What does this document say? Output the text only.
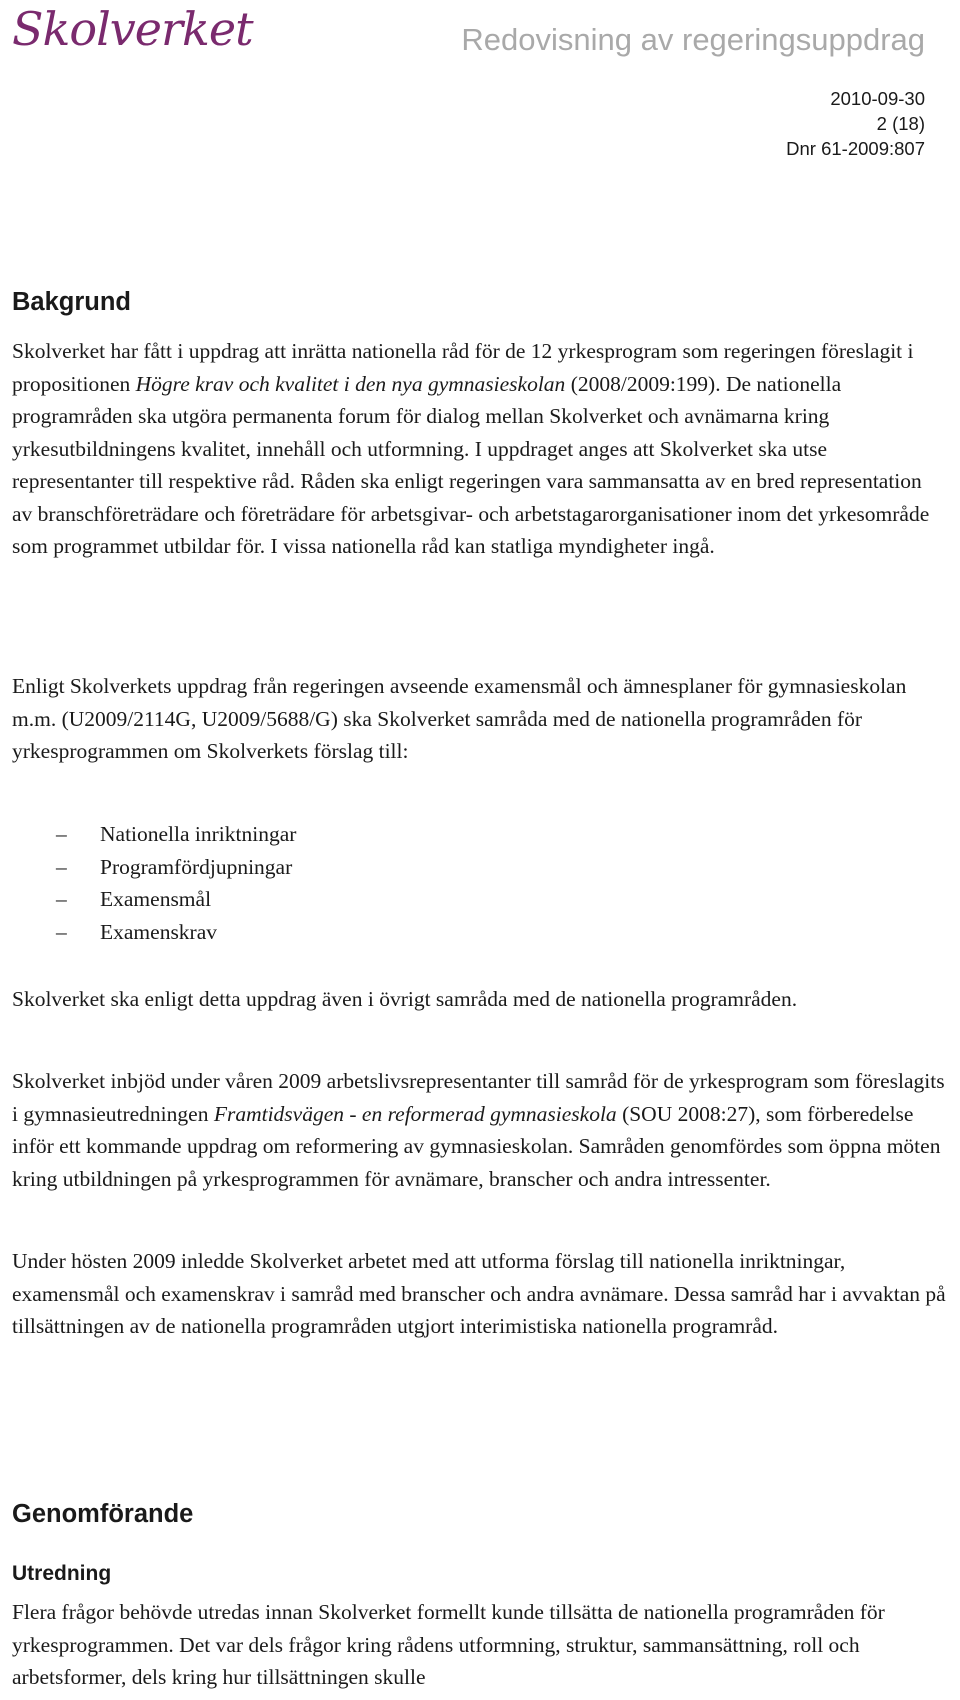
Skolverket	Redovisning av regeringsuppdrag
2010-09-30
2 (18)
Dnr 61-2009:807
Bakgrund

Skolverket har fått i uppdrag att inrätta nationella råd för de 12 yrkesprogram som regeringen föreslagit i propositionen Högre krav och kvalitet i den nya gymnasieskolan (2008/2009:199). De nationella programråden ska utgöra permanenta forum för dialog mellan Skolverket och avnämarna kring yrkesutbildningens kvalitet, innehåll och utformning. I uppdraget anges att Skolverket ska utse representanter till respektive råd. Råden ska enligt regeringen vara sammansatta av en bred representation av branschföreträdare och företrädare för arbetsgivar- och arbetstagarorganisationer inom det yrkesområde som programmet utbildar för. I vissa nationella råd kan statliga myndigheter ingå.

Enligt Skolverkets uppdrag från regeringen avseende examensmål och ämnesplaner för gymnasieskolan m.m. (U2009/2114G, U2009/5688/G) ska Skolverket samråda med de nationella programråden för yrkesprogrammen om Skolverkets förslag till:

–	Nationella inriktningar
–	Programfördjupningar
–	Examensmål
–	Examenskrav

Skolverket ska enligt detta uppdrag även i övrigt samråda med de nationella programråden.

Skolverket inbjöd under våren 2009 arbetslivsrepresentanter till samråd för de yrkesprogram som föreslagits i gymnasieutredningen Framtidsvägen - en reformerad gymnasieskola (SOU 2008:27), som förberedelse inför ett kommande uppdrag om reformering av gymnasieskolan. Samråden genomfördes som öppna möten kring utbildningen på yrkesprogrammen för avnämare, branscher och andra intressenter.

Under hösten 2009 inledde Skolverket arbetet med att utforma förslag till nationella inriktningar, examensmål och examenskrav i samråd med branscher och andra avnämare. Dessa samråd har i avvaktan på tillsättningen av de nationella programråden utgjort interimistiska nationella programråd.

Genomförande
Utredning

Flera frågor behövde utredas innan Skolverket formellt kunde tillsätta de nationella programråden för yrkesprogrammen. Det var dels frågor kring rådens utformning, struktur, sammansättning, roll och arbetsformer, dels kring hur tillsättningen skulle
